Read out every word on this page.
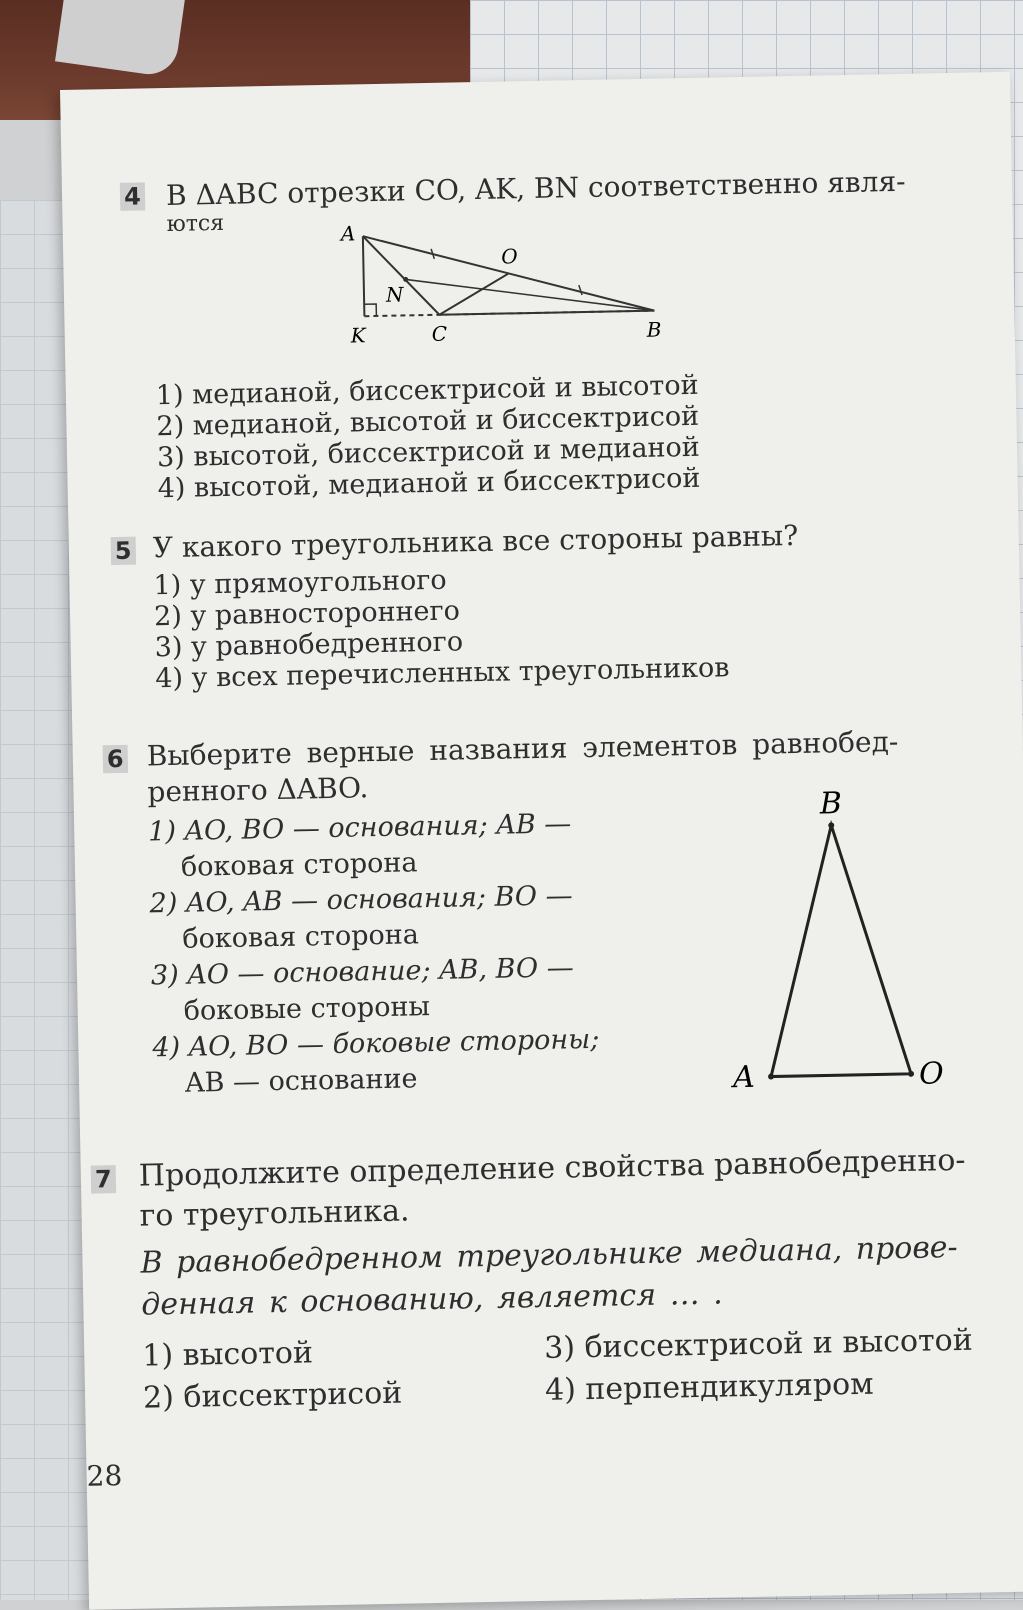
4 В ΔABC отрезки CO, AK, BN соответственно явля-
ются	A
O
N
K	C	B
1) медианой, биссектрисой и высотой
2) медианой, высотой и биссектрисой
3) высотой, биссектрисой и медианой
4) высотой, медианой и биссектрисой
5 У какого треугольника все стороны равны?
1) у прямоугольного
2) у равностороннего
3) у равнобедренного
4) у всех перечисленных треугольников
6 Выберите верные названия элементов равнобед-
ренного ΔABO.
1) AO, BO — основания; AB —
боковая сторона
2) AO, AB — основания; BO —
боковая сторона
3) AO — основание; AB, BO —
боковые стороны
4) AO, BO — боковые стороны;
AB — основание
B
A	O
7 Продолжите определение свойства равнобедренно-
го треугольника.
В равнобедренном треугольнике медиана, прове-
денная к основанию, является … .
1) высотой
2) биссектрисой
3) биссектрисой и высотой
4) перпендикуляром
28
